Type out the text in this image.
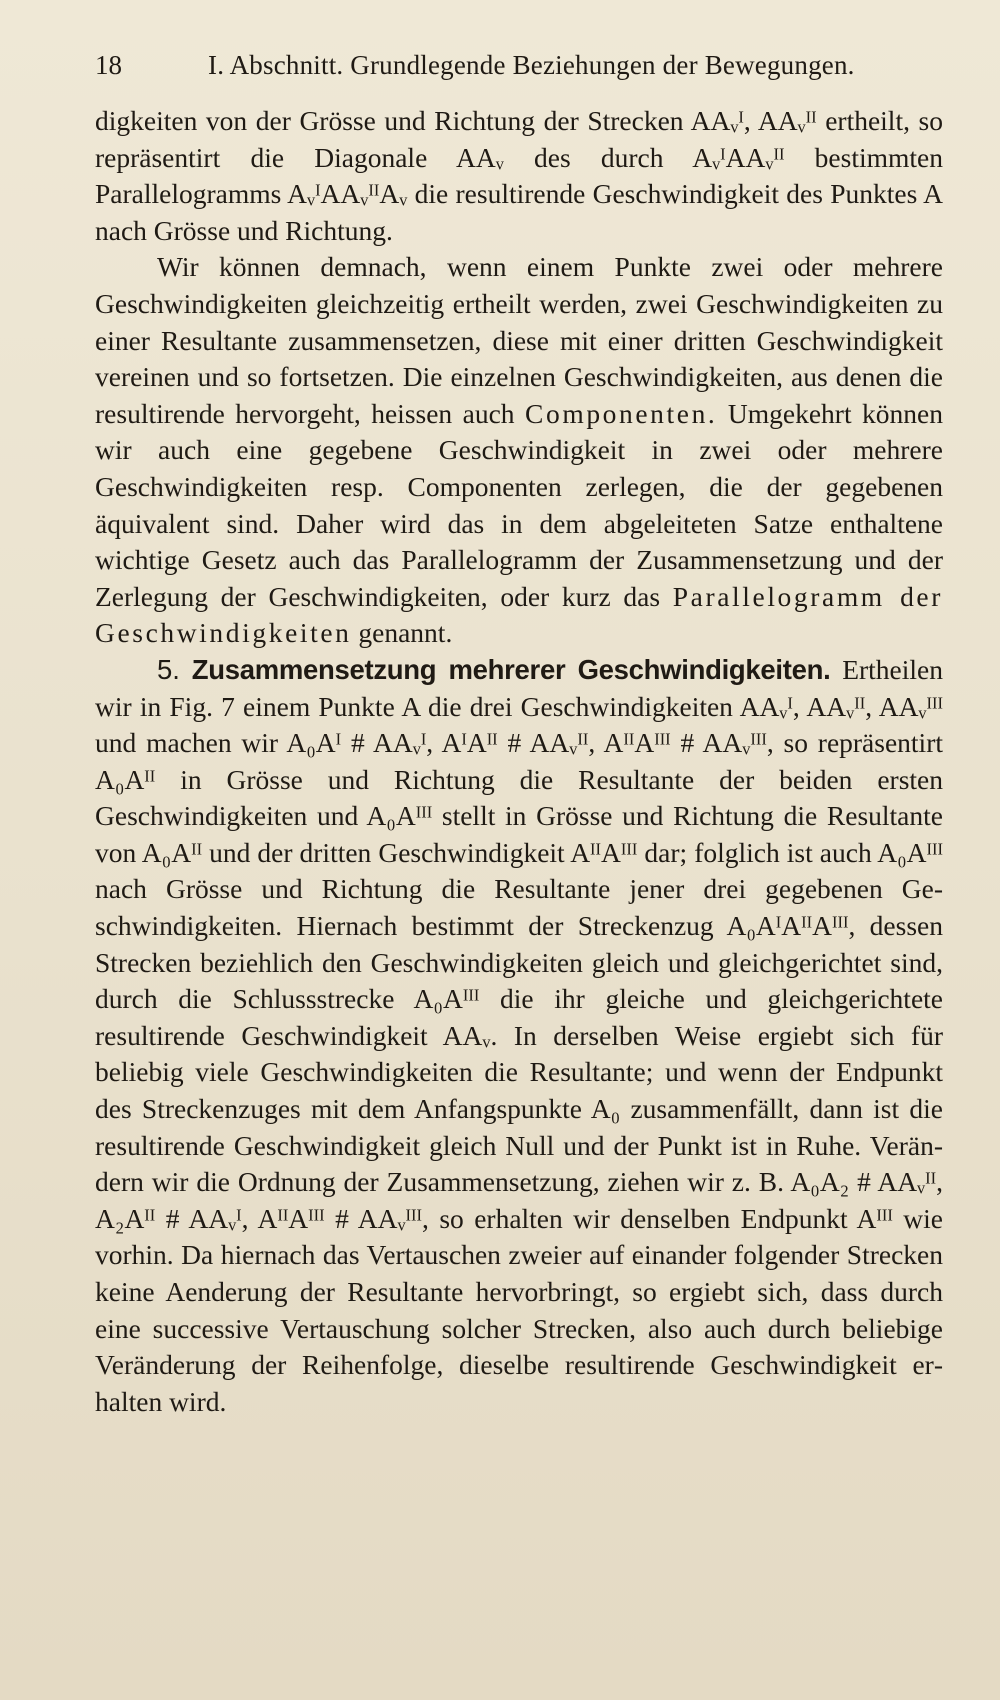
18	I. Abschnitt. Grundlegende Beziehungen der Bewegungen.

digkeiten von der Grösse und Richtung der Strecken AAᵥᴵ, AAᵥᴵᴵ ertheilt, so repräsentirt die Diagonale AAᵥ des durch AᵥᴵAAᵥᴵᴵ bestimmten Parallelogramms AᵥᴵAAᵥᴵᴵAᵥ die resultirende Geschwindigkeit des Punktes A nach Grösse und Richtung.

Wir können demnach, wenn einem Punkte zwei oder mehrere Geschwindigkeiten gleichzeitig ertheilt werden, zwei Geschwindigkeiten zu einer Resultante zusammensetzen, diese mit einer dritten Geschwindigkeit vereinen und so fortsetzen. Die einzelnen Geschwindigkeiten, aus denen die resultirende hervorgeht, heissen auch Componenten. Umgekehrt können wir auch eine gegebene Geschwindigkeit in zwei oder mehrere Geschwindigkeiten resp. Componenten zerlegen, die der gegebenen äquivalent sind. Daher wird das in dem abgeleiteten Satze enthaltene wichtige Gesetz auch das Parallelogramm der Zusammensetzung und der Zerlegung der Geschwindigkeiten, oder kurz das Parallelogramm der Geschwindigkeiten genannt.

5. Zusammensetzung mehrerer Geschwindigkeiten. Ertheilen wir in Fig. 7 einem Punkte A die drei Geschwindigkeiten AAᵥᴵ, AAᵥᴵᴵ, AAᵥᴵᴵᴵ und machen wir A₀Aᴵ # AAᵥᴵ, AᴵAᴵᴵ # AAᵥᴵᴵ, AᴵᴵAᴵᴵᴵ # AAᵥᴵᴵᴵ, so repräsentirt A₀Aᴵᴵ in Grösse und Richtung die Resultante der beiden ersten Geschwindigkeiten und A₀Aᴵᴵᴵ stellt in Grösse und Richtung die Resultante von A₀Aᴵᴵ und der dritten Geschwindigkeit AᴵᴵAᴵᴵᴵ dar; folglich ist auch A₀Aᴵᴵᴵ nach Grösse und Richtung die Resultante jener drei gegebenen Geschwindigkeiten. Hiernach bestimmt der Streckenzug A₀AᴵAᴵᴵAᴵᴵᴵ, dessen Strecken beziehlich den Geschwindigkeiten gleich und gleichgerichtet sind, durch die Schlussstrecke A₀Aᴵᴵᴵ die ihr gleiche und gleichgerichtete resultirende Geschwindigkeit AAᵥ. In derselben Weise ergiebt sich für beliebig viele Geschwindigkeiten die Resultante; und wenn der Endpunkt des Streckenzuges mit dem Anfangspunkte A₀ zusammenfällt, dann ist die resultirende Geschwindigkeit gleich Null und der Punkt ist in Ruhe. Verändern wir die Ordnung der Zusammensetzung, ziehen wir z. B. A₀A₂ # AAᵥᴵᴵ, A₂Aᴵᴵ # AAᵥᴵ, AᴵᴵAᴵᴵᴵ # AAᵥᴵᴵᴵ, so erhalten wir denselben Endpunkt Aᴵᴵᴵ wie vorhin. Da hiernach das Vertauschen zweier auf einander folgender Strecken keine Aenderung der Resultante hervorbringt, so ergiebt sich, dass durch eine successive Vertauschung solcher Strecken, also auch durch beliebige Veränderung der Reihenfolge, dieselbe resultirende Geschwindigkeit erhalten wird.
